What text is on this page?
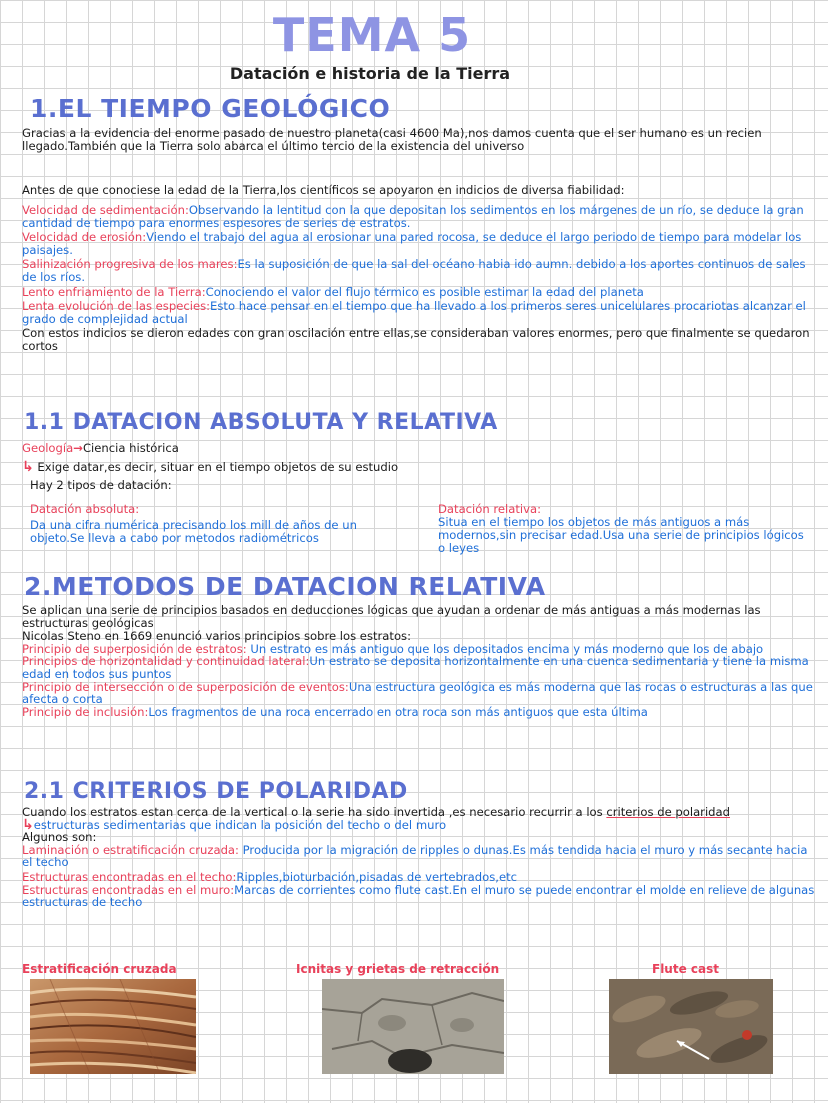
TEMA 5
Datación e historia de la Tierra
1.EL TIEMPO GEOLÓGICO
Gracias a la evidencia del enorme pasado de nuestro planeta(casi 4600 Ma),nos damos cuenta que el ser humano es un recien llegado.También que la Tierra solo abarca el último tercio de la existencia del universo
Antes de que conociese la edad de la Tierra,los científicos se apoyaron en indicios de diversa fiabilidad:
Velocidad de sedimentación:Observando la lentitud con la que depositan los sedimentos en los márgenes de un río, se deduce la gran cantidad de tiempo para enormes espesores de series de estratos.
Velocidad de erosión:Viendo el trabajo del agua al erosionar una pared rocosa, se deduce el largo periodo de tiempo para modelar los paisajes.
Salinización progresiva de los mares:Es la suposición de que la sal del océano habia ido aumn. debido a los aportes continuos de sales de los ríos.
Lento enfriamiento de la Tierra:Conociendo el valor del flujo térmico es posible estimar la edad del planeta
Lenta evolución de las especies:Esto hace pensar en el tiempo que ha llevado a los primeros seres unicelulares procariotas alcanzar el grado de complejidad actual
Con estos indicios se dieron edades con gran oscilación entre ellas,se consideraban valores enormes, pero que finalmente se quedaron cortos
1.1 DATACION ABSOLUTA Y RELATIVA
Geología→Ciencia histórica
↳ Exige datar,es decir, situar en el tiempo objetos de su estudio
Hay 2 tipos de datación:
Datación absoluta:
Da una cifra numérica precisando los mill de años de un objeto.Se lleva a cabo por metodos radiométricos
Datación relativa:
Situa en el tiempo los objetos de más antiguos a más modernos,sin precisar edad.Usa una serie de principios lógicos o leyes
2.METODOS DE DATACION RELATIVA
Se aplican una serie de principios basados en deducciones lógicas que ayudan a ordenar de más antiguas a más modernas las estructuras geológicas
Nicolas Steno en 1669 enunció varios principios sobre los estratos:
Principio de superposición de estratos: Un estrato es más antiguo que los depositados encima y más moderno que los de abajo
Principios de horizontalidad y continuidad lateral:Un estrato se deposita horizontalmente en una cuenca sedimentaria y tiene la misma edad en todos sus puntos
Principio de intersección o de superposición de eventos:Una estructura geológica es más moderna que las rocas o estructuras a las que afecta o corta
Principio de inclusión:Los fragmentos de una roca encerrado en otra roca son más antiguos que esta última
2.1 CRITERIOS DE POLARIDAD
Cuando los estratos estan cerca de la vertical o la serie ha sido invertida ,es necesario recurrir a los criterios de polaridad
↳estructuras sedimentarias que indican la posición del techo o del muro
Algunos son:
Laminación o estratificación cruzada: Producida por la migración de ripples o dunas.Es más tendida hacia el muro y más secante hacia el techo
Estructuras encontradas en el techo:Ripples,bioturbación,pisadas de vertebrados,etc
Estructuras encontradas en el muro:Marcas de corrientes como flute cast.En el muro se puede encontrar el molde en relieve de algunas estructuras de techo
Estratificación cruzada	Icnitas y grietas de retracción	Flute cast
